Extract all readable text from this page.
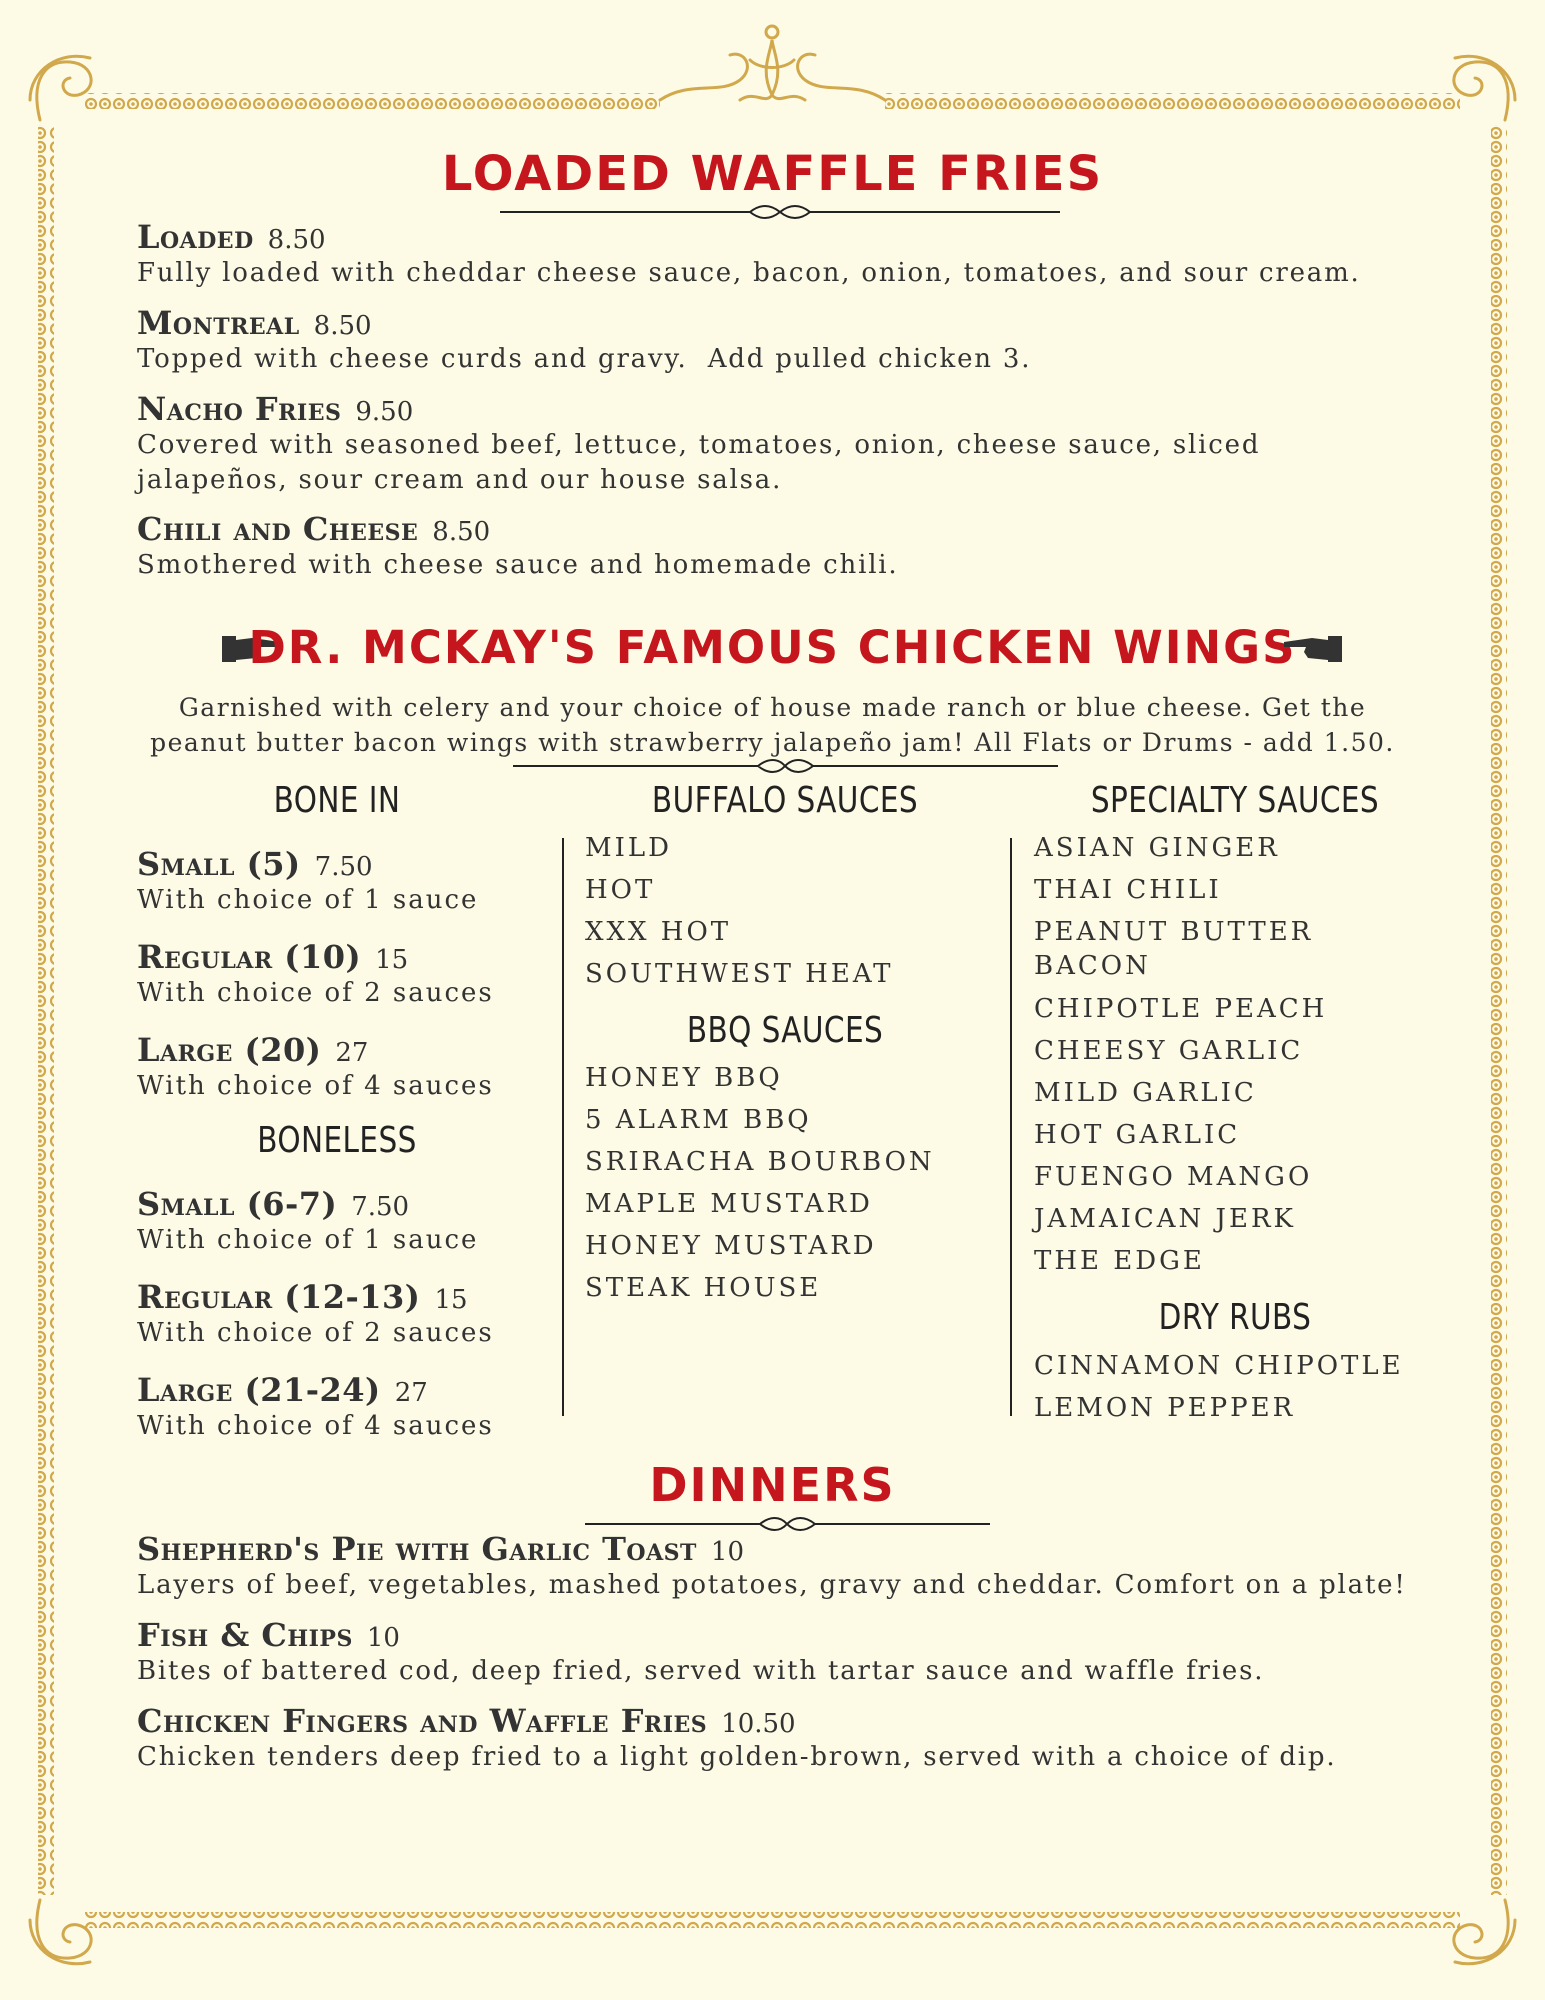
LOADED WAFFLE FRIES
Loaded 8.50
Fully loaded with cheddar cheese sauce, bacon, onion, tomatoes, and sour cream.
Montreal 8.50
Topped with cheese curds and gravy.  Add pulled chicken 3.
Nacho Fries 9.50
Covered with seasoned beef, lettuce, tomatoes, onion, cheese sauce, sliced jalapeños, sour cream and our house salsa.
Chili and Cheese 8.50
Smothered with cheese sauce and homemade chili.
DR. MCKAY'S FAMOUS CHICKEN WINGS
Garnished with celery and your choice of house made ranch or blue cheese. Get the
peanut butter bacon wings with strawberry jalapeño jam! All Flats or Drums - add 1.50.
BONE IN
Small (5) 7.50
With choice of 1 sauce
Regular (10) 15
With choice of 2 sauces
Large (20) 27
With choice of 4 sauces
BONELESS
Small (6-7) 7.50
With choice of 1 sauce
Regular (12-13) 15
With choice of 2 sauces
Large (21-24) 27
With choice of 4 sauces
BUFFALO SAUCES
MILD
HOT
XXX HOT
SOUTHWEST HEAT
BBQ SAUCES
HONEY BBQ
5 ALARM BBQ
SRIRACHA BOURBON
MAPLE MUSTARD
HONEY MUSTARD
STEAK HOUSE
SPECIALTY SAUCES
ASIAN GINGER
THAI CHILI
PEANUT BUTTER
BACON
CHIPOTLE PEACH
CHEESY GARLIC
MILD GARLIC
HOT GARLIC
FUENGO MANGO
JAMAICAN JERK
THE EDGE
DRY RUBS
CINNAMON CHIPOTLE
LEMON PEPPER
DINNERS
Shepherd's Pie with Garlic Toast 10
Layers of beef, vegetables, mashed potatoes, gravy and cheddar. Comfort on a plate!
Fish & Chips 10
Bites of battered cod, deep fried, served with tartar sauce and waffle fries.
Chicken Fingers and Waffle Fries 10.50
Chicken tenders deep fried to a light golden-brown, served with a choice of dip.
